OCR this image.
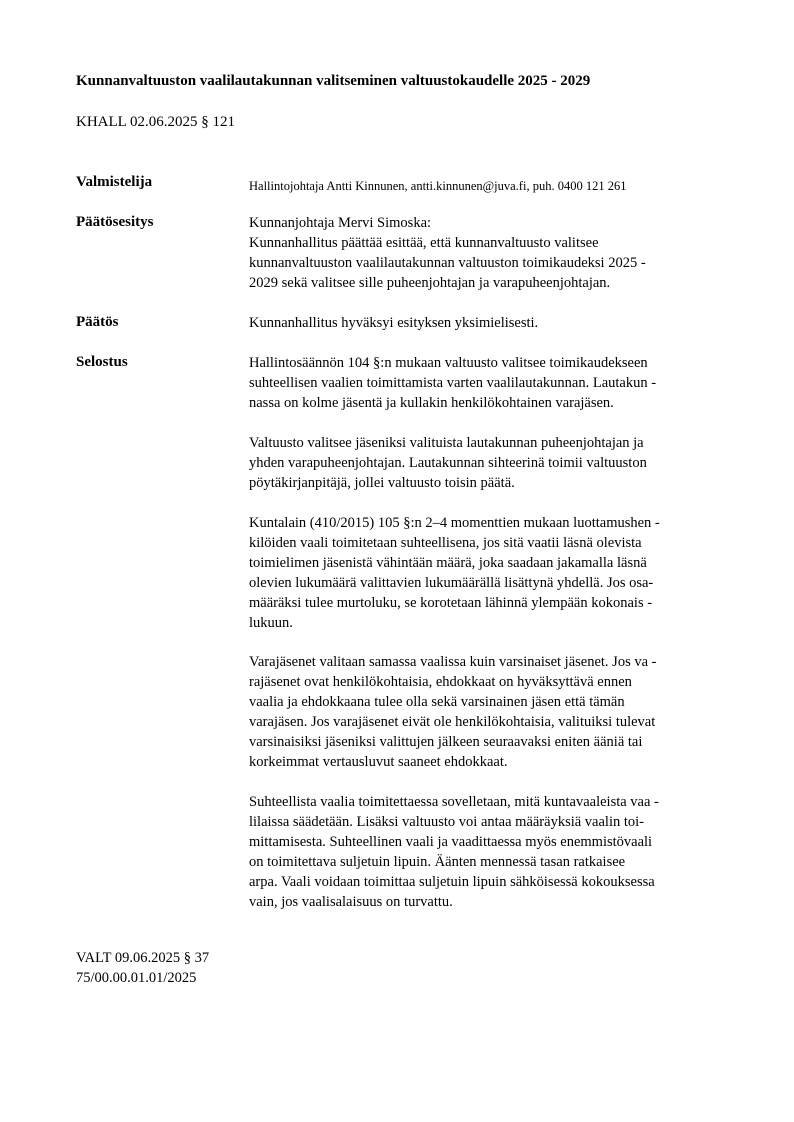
Kunnanvaltuuston vaalilautakunnan valitseminen valtuustokaudelle 2025 - 2029
KHALL 02.06.2025 § 121
Valmistelija	Hallintojohtaja Antti Kinnunen, antti.kinnunen@juva.fi, puh. 0400 121 261
Päätösesitys	Kunnanjohtaja Mervi Simoska:
Kunnanhallitus päättää esittää, että kunnanvaltuusto valitsee
kunnanvaltuuston vaalilautakunnan valtuuston toimikaudeksi 2025 -
2029 sekä valitsee sille puheenjohtajan ja varapuheenjohtajan.
Päätös	Kunnanhallitus hyväksyi esityksen yksimielisesti.
Selostus	Hallintosäännön 104 §:n mukaan valtuusto valitsee toimikaudekseen
suhteellisen vaalien toimittamista varten vaalilautakunnan. Lautakun -
nassa on kolme jäsentä ja kullakin henkilökohtainen varajäsen.
Valtuusto valitsee jäseniksi valituista lautakunnan puheenjohtajan ja
yhden varapuheenjohtajan. Lautakunnan sihteerinä toimii valtuuston
pöytäkirjanpitäjä, jollei valtuusto toisin päätä.
Kuntalain (410/2015) 105 §:n 2–4 momenttien mukaan luottamushen -
kilöiden vaali toimitetaan suhteellisena, jos sitä vaatii läsnä olevista
toimielimen jäsenistä vähintään määrä, joka saadaan jakamalla läsnä
olevien lukumäärä valittavien lukumäärällä lisättynä yhdellä. Jos osa-
määräksi tulee murtoluku, se korotetaan lähinnä ylempään kokonais -
lukuun.
Varajäsenet valitaan samassa vaalissa kuin varsinaiset jäsenet. Jos va -
rajäsenet ovat henkilökohtaisia, ehdokkaat on hyväksyttävä ennen
vaalia ja ehdokkaana tulee olla sekä varsinainen jäsen että tämän
varajäsen. Jos varajäsenet eivät ole henkilökohtaisia, valituiksi tulevat
varsinaisiksi jäseniksi valittujen jälkeen seuraavaksi eniten ääniä tai
korkeimmat vertausluvut saaneet ehdokkaat.
Suhteellista vaalia toimitettaessa sovelletaan, mitä kuntavaaleista vaa -
lilaissa säädetään. Lisäksi valtuusto voi antaa määräyksiä vaalin toi-
mittamisesta. Suhteellinen vaali ja vaadittaessa myös enemmistövaali
on toimitettava suljetuin lipuin. Äänten mennessä tasan ratkaisee
arpa. Vaali voidaan toimittaa suljetuin lipuin sähköisessä kokouksessa
vain, jos vaalisalaisuus on turvattu.
VALT 09.06.2025 § 37
75/00.00.01.01/2025
